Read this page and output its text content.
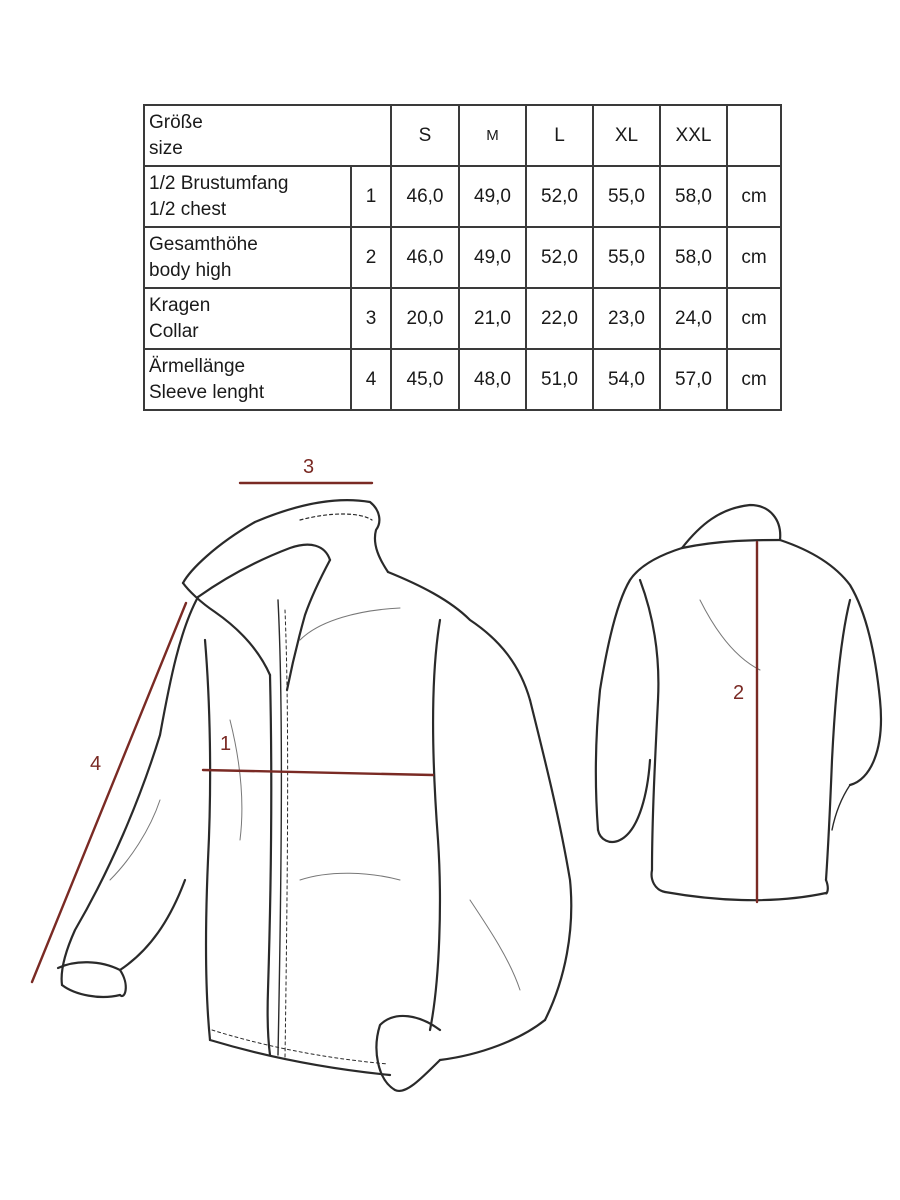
Größe
size		S	M	L	XL	XXL	

1/2 Brustumfang
1/2 chest	1	46,0	49,0	52,0	55,0	58,0	cm

Gesamthöhe
body high	2	46,0	49,0	52,0	55,0	58,0	cm

Kragen
Collar	3	20,0	21,0	22,0	23,0	24,0	cm

Ärmellänge
Sleeve lenght	4	45,0	48,0	51,0	54,0	57,0	cm
3
1
4
2
